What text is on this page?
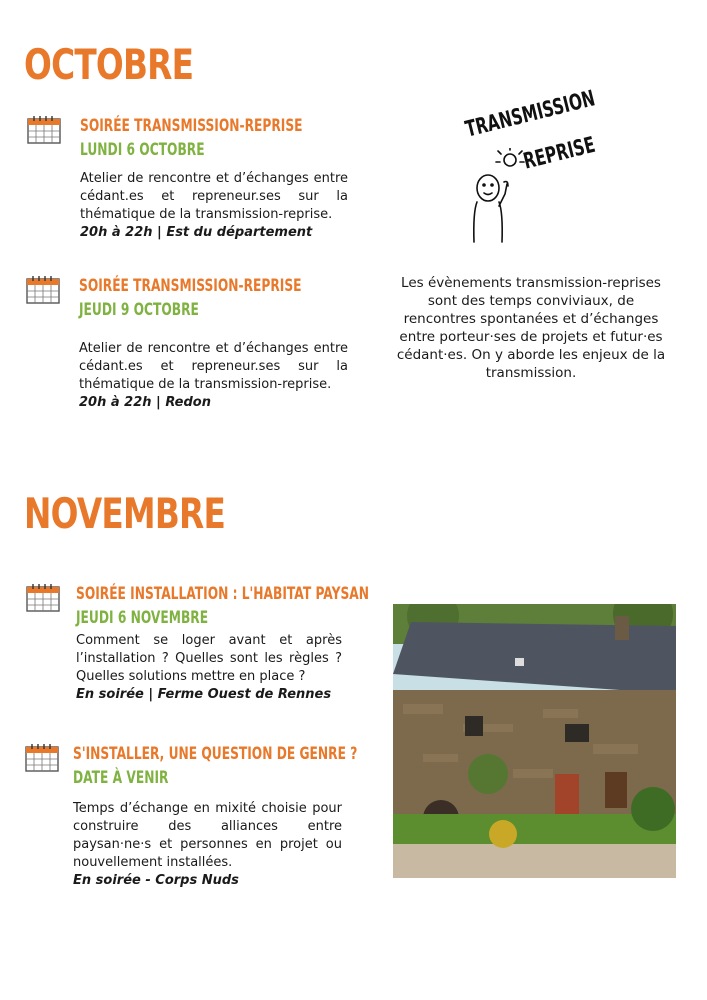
OCTOBRE
SOIRÉE TRANSMISSION-REPRISE
LUNDI 6 OCTOBRE
Atelier de rencontre et d’échanges entre cédant.es et repreneur.ses sur la thématique de la transmission-reprise.
20h à 22h | Est du département
SOIRÉE TRANSMISSION-REPRISE
JEUDI 9 OCTOBRE
Atelier de rencontre et d’échanges entre cédant.es et repreneur.ses sur la thématique de la transmission-reprise.
20h à 22h | Redon
TRANSMISSION
REPRISE
Les évènements transmission-reprises sont des temps conviviaux, de rencontres spontanées et d’échanges entre porteur·ses de projets et futur·es cédant·es. On y aborde les enjeux de la transmission.
NOVEMBRE
SOIRÉE INSTALLATION : L'HABITAT PAYSAN
JEUDI 6 NOVEMBRE
Comment se loger avant et après l’installation ? Quelles sont les règles ? Quelles solutions mettre en place ?
En soirée | Ferme Ouest de Rennes
S'INSTALLER, UNE QUESTION DE GENRE ?
DATE À VENIR
Temps d’échange en mixité choisie pour construire des alliances entre paysan·ne·s et personnes en projet ou nouvellement installées.
En soirée - Corps Nuds
